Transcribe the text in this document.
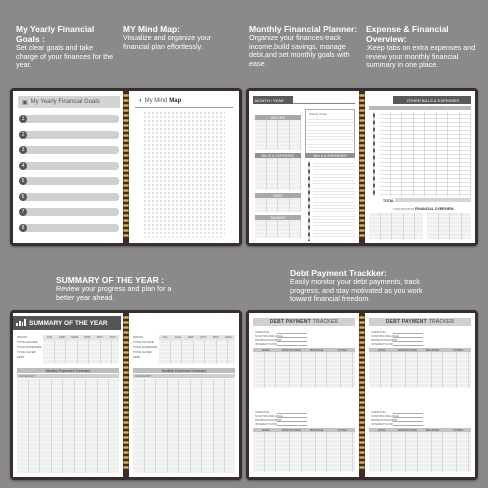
My Yearly Financial Goals :
Set clear goals and take charge of your finances for the year.
MY Mind Map:
Visualize and organize your financial plan effortlessly.
Monthly Financial Planner:
Organize your finances-track income,build savings, manage debt,and set monthly goals with ease.
Expense & Financial Overview:
:Keep tabs on extra expenses and review your monthly financial summary in one place.
SUMMARY OF THE YEAR :
Review your progress and plan for a better year ahead.
Debt Payment Trackker:
Easily monitor your debt payments, track progress, and stay motivated as you work toward financial freedom.
▣ My Yearly Financial Goals
1
2
3
4
5
6
7
8
◐ My Mind Map	MONTH / YEAR
Saving Goals
INCOME
BILLS & EXPENSES	BILLS & EXPENSES
DEBT
SAVINGS
OTHER BILLS & EXPENSES
TOTAL
THIS MONTH'S FINANCIAL OVERVIEW
SUMMARY OF THE YEAR
JAN	FEB	MAR	APR	MAY	JUN
MONTH
TOTAL INCOME
TOTAL EXPENSES
TOTAL SAVED
DEBT
Monthly Expenses Summary
CATEGORY
JUL	AUG	SEP	OCT	NOV	DEC
MONTH
TOTAL INCOME
TOTAL EXPENSES
TOTAL SAVED
DEBT
Monthly Expenses Summary
CATEGORY
DEBT PAYMENT TRACKER
CREDITOR
STARTING BALANCE
MINIMUM PAYMENT
INTEREST RATE
DATE	AMOUNT PAID	BALANCE	NOTES
CREDITOR
STARTING BALANCE
MINIMUM PAYMENT
INTEREST RATE
DATE	AMOUNT PAID	BALANCE	NOTES
DEBT PAYMENT TRACKER
CREDITOR
STARTING BALANCE
MINIMUM PAYMENT
INTEREST RATE
DATE	AMOUNT PAID	BALANCE	NOTES
CREDITOR
STARTING BALANCE
MINIMUM PAYMENT
INTEREST RATE
DATE	AMOUNT PAID	BALANCE	NOTES
